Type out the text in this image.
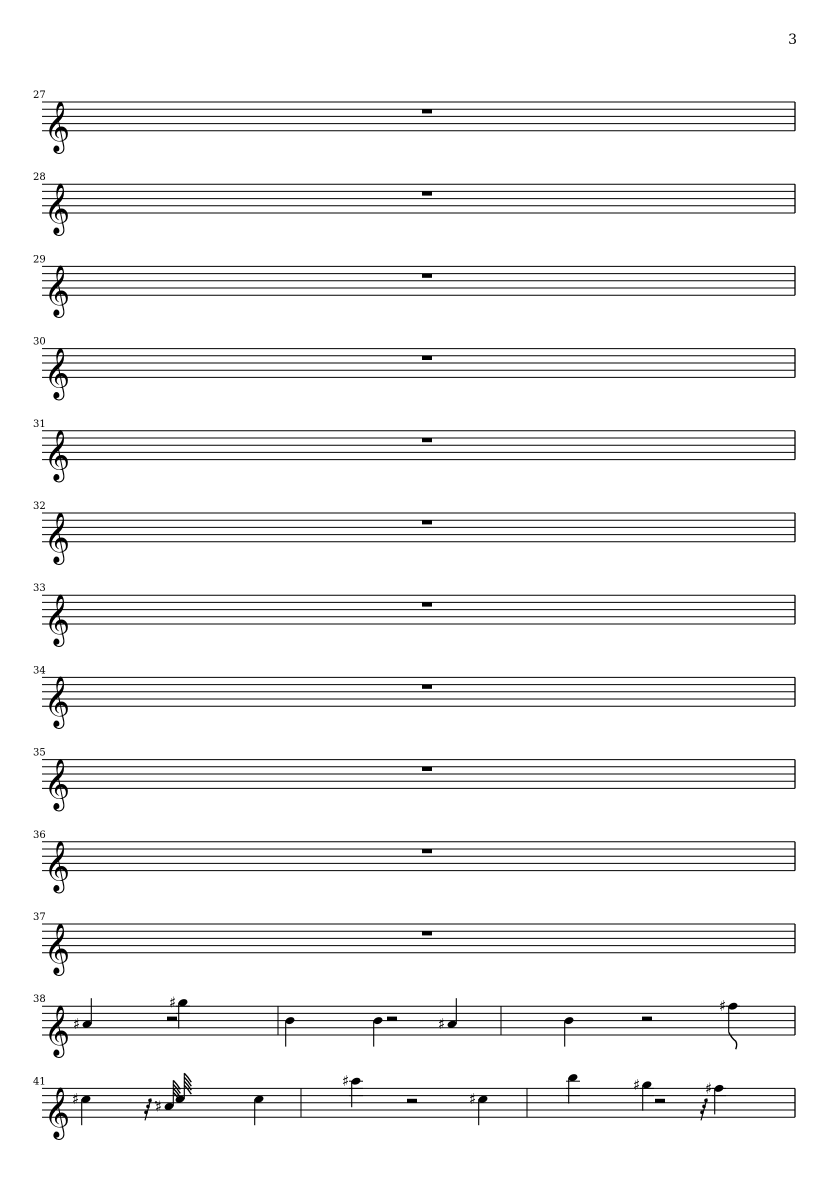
3
𝄞
27
𝄞
28
𝄞
29
𝄞
30
𝄞
31
𝄞
32
𝄞
33
𝄞
34
𝄞
35
𝄞
36
𝄞
37
𝄞
38
♯
♯
♯
♯
𝄞
41
♯	♯
♯
♯
♯	♯
